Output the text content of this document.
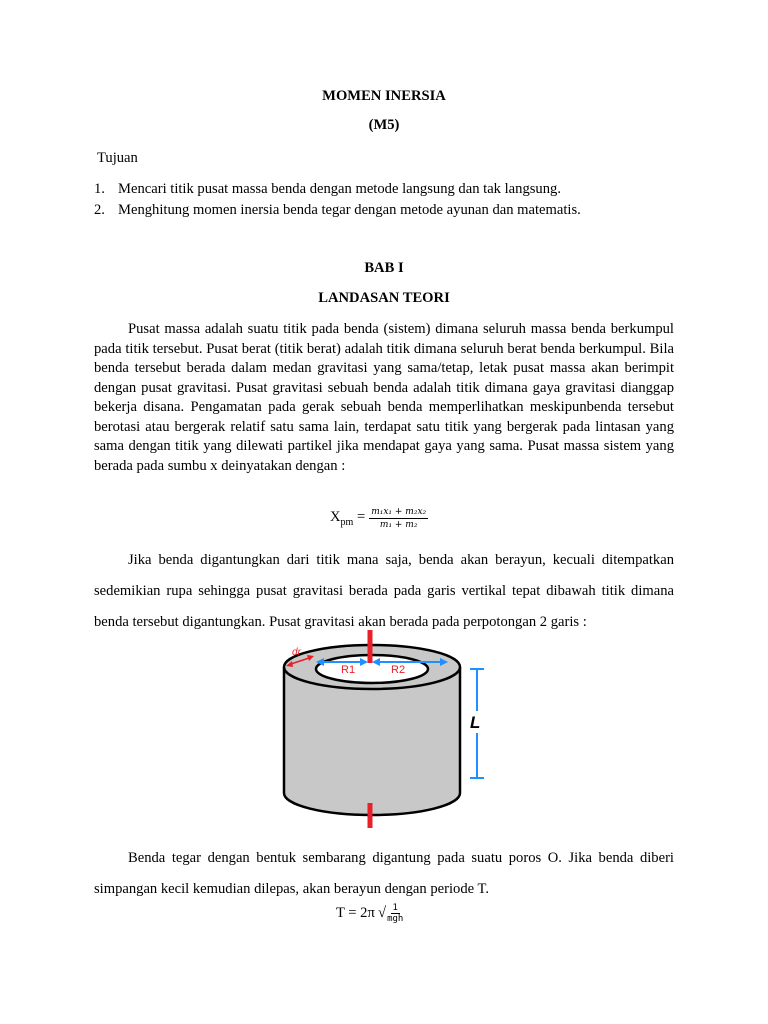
MOMEN INERSIA
(M5)
Tujuan
1. Mencari titik pusat massa benda dengan metode langsung dan tak langsung.
2. Menghitung momen inersia benda tegar dengan metode ayunan dan matematis.
BAB I
LANDASAN TEORI
Pusat massa adalah suatu titik pada benda (sistem) dimana seluruh massa benda berkumpul pada titik tersebut. Pusat berat (titik berat) adalah titik dimana seluruh berat benda berkumpul. Bila benda tersebut berada dalam medan gravitasi yang sama/tetap, letak pusat massa akan berimpit dengan pusat gravitasi. Pusat gravitasi sebuah benda adalah titik dimana gaya gravitasi dianggap bekerja disana. Pengamatan pada gerak sebuah benda memperlihatkan meskipunbenda tersebut berotasi atau bergerak relatif satu sama lain, terdapat satu titik yang bergerak pada lintasan yang sama dengan titik yang dilewati partikel jika mendapat gaya yang sama. Pusat massa sistem yang berada pada sumbu x deinyatakan dengan :
$X_{pm} = \frac{\text{m₁x₁ + m₂x₂}}{\text{m₁ + m₂}}$
Jika benda digantungkan dari titik mana saja, benda akan berayun, kecuali ditempatkan sedemikian rupa sehingga pusat gravitasi berada pada garis vertikal tepat dibawah titik dimana benda tersebut digantungkan. Pusat gravitasi akan berada pada perpotongan 2 garis :
dr
R1	R2
L
Benda tegar dengan bentuk sembarang digantung pada suatu poros O. Jika benda diberi simpangan kecil kemudian dilepas, akan berayun dengan periode T.
T = 2π √ $\frac{1}{\text{mgh}}$
